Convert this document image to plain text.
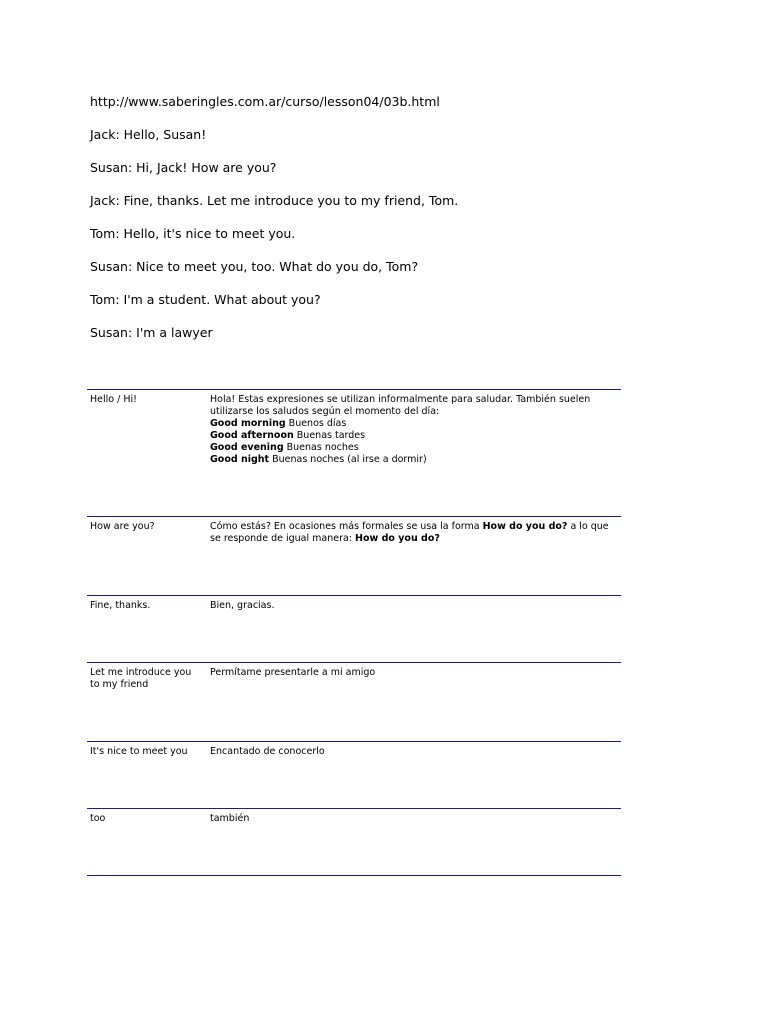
http://www.saberingles.com.ar/curso/lesson04/03b.html

Jack: Hello, Susan!

Susan: Hi, Jack! How are you?

Jack: Fine, thanks. Let me introduce you to my friend, Tom.

Tom: Hello, it's nice to meet you.

Susan: Nice to meet you, too. What do you do, Tom?

Tom: I'm a student. What about you?

Susan: I'm a lawyer

Hello / Hi!	Hola! Estas expresiones se utilizan informalmente para saludar. También suelen utilizarse los saludos según el momento del día:
Good morning Buenos días
Good afternoon Buenas tardes
Good evening Buenas noches
Good night Buenas noches (al irse a dormir)
How are you?	Cómo estás? En ocasiones más formales se usa la forma How do you do? a lo que se responde de igual manera: How do you do?
Fine, thanks.	Bien, gracias.
Let me introduce you to my friend	Permítame presentarle a mi amigo
It's nice to meet you	Encantado de conocerlo
too	también
